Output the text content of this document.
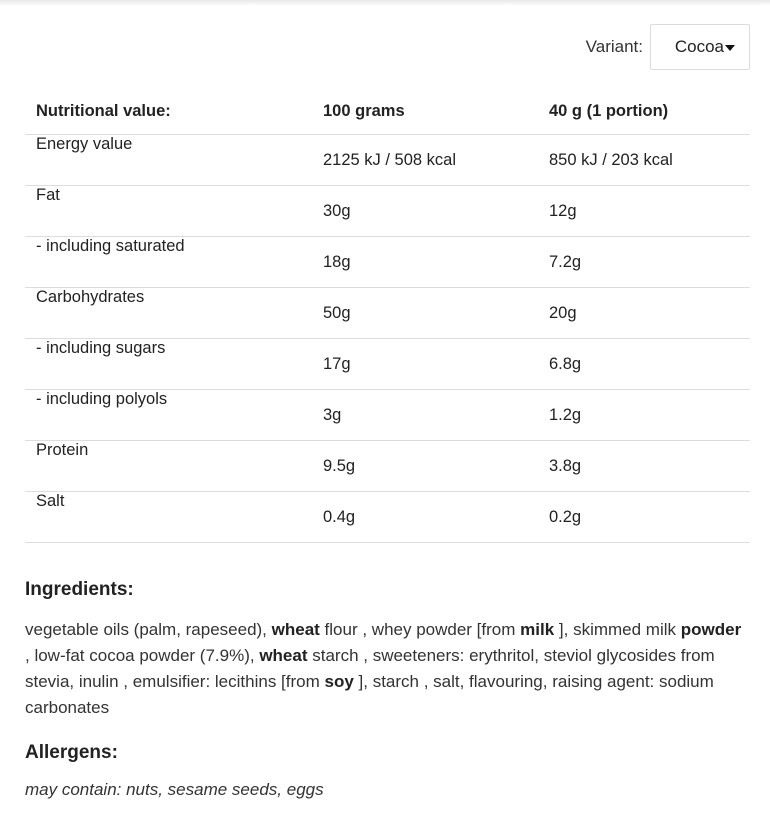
Variant: Cocoa
Nutritional value:	100 grams	40 g (1 portion)
Energy value	2125 kJ / 508 kcal	850 kJ / 203 kcal
Fat	30g	12g
- including saturated	18g	7.2g
Carbohydrates	50g	20g
- including sugars	17g	6.8g
- including polyols	3g	1.2g
Protein	9.5g	3.8g
Salt	0.4g	0.2g
Ingredients:
vegetable oils (palm, rapeseed), wheat flour , whey powder [from milk ], skimmed milk powder , low-fat cocoa powder (7.9%), wheat starch , sweeteners: erythritol, steviol glycosides from stevia, inulin , emulsifier: lecithins [from soy ], starch , salt, flavouring, raising agent: sodium carbonates
Allergens:
may contain: nuts, sesame seeds, eggs
